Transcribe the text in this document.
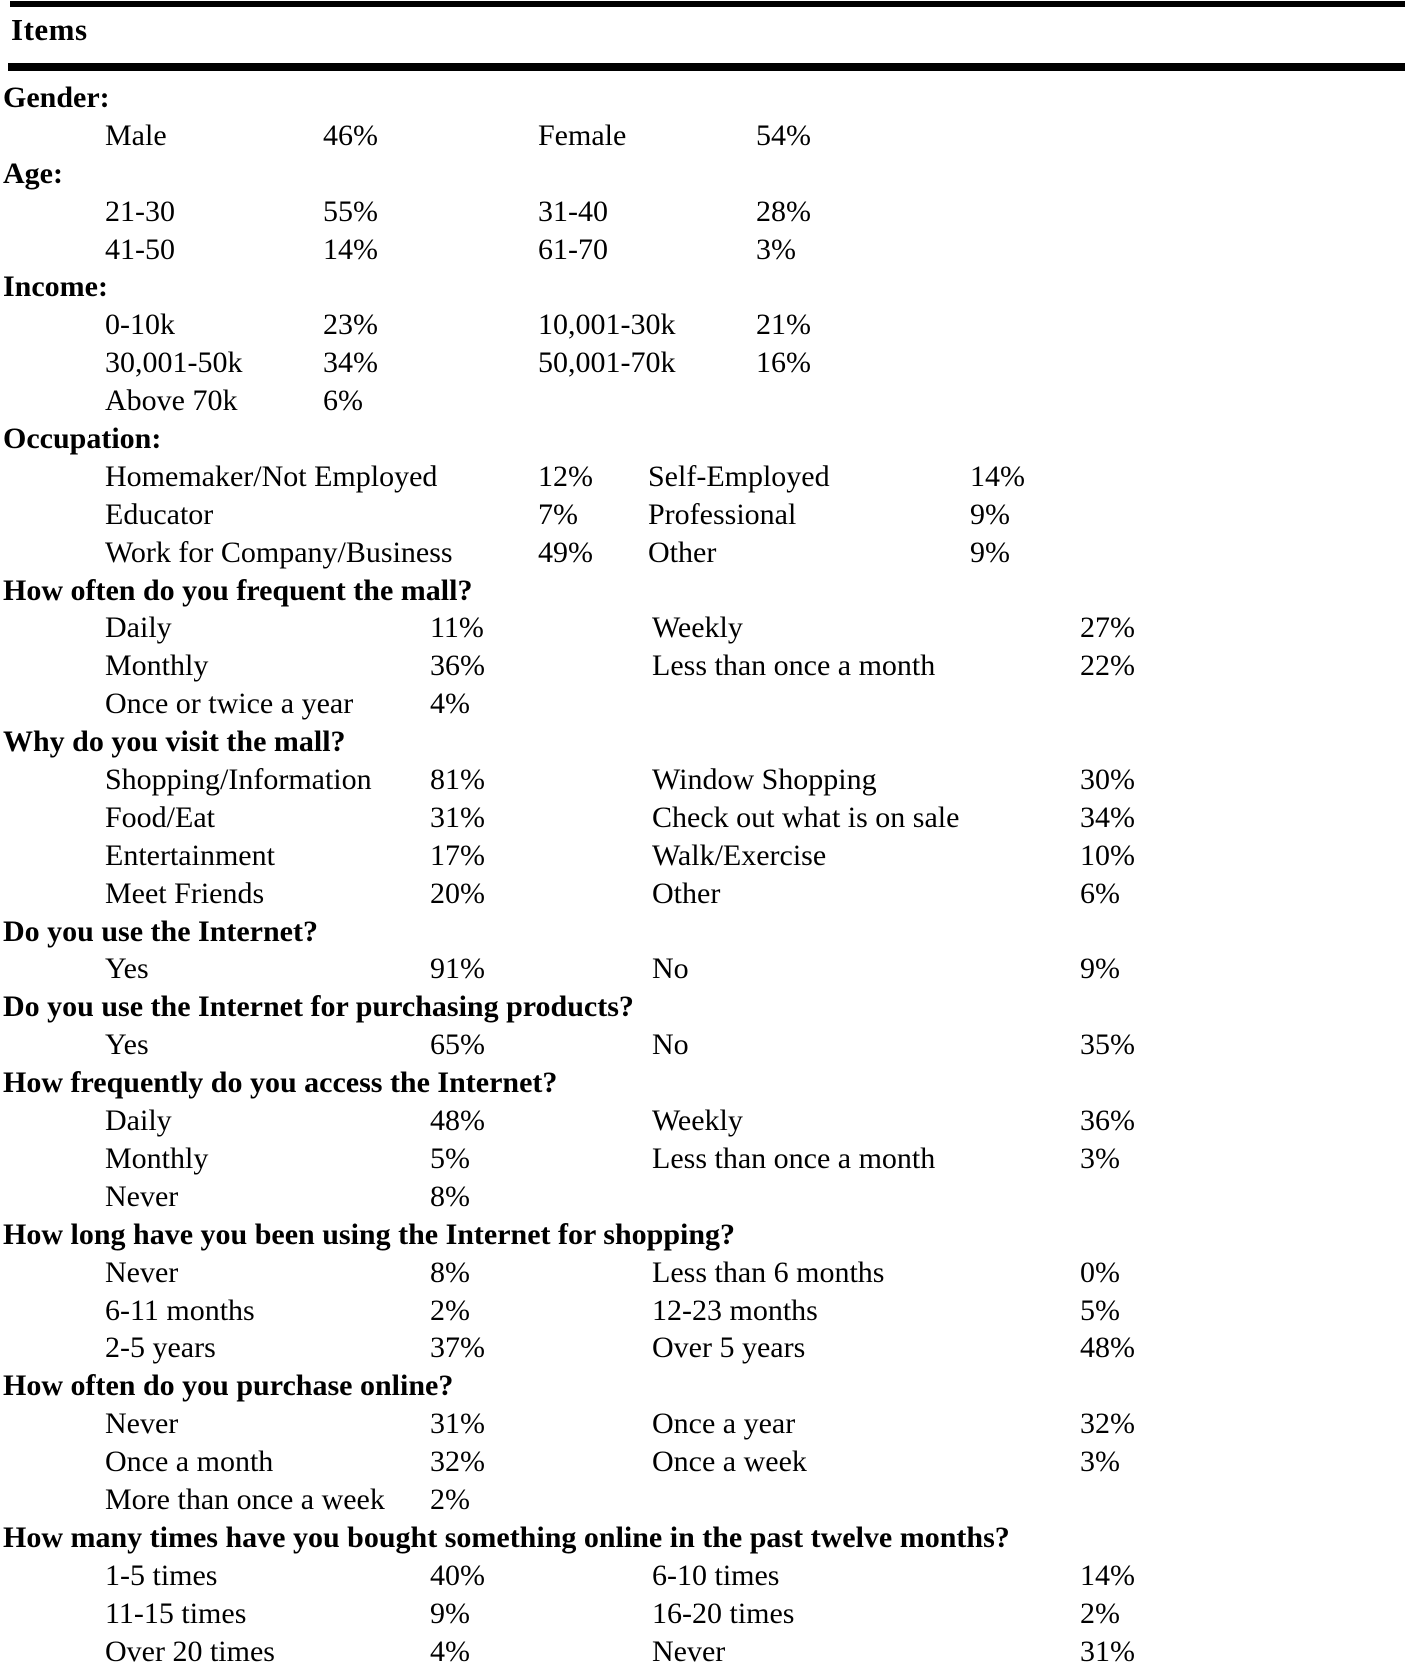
Items
Gender:
Male	46%	Female	54%
Age:
21-30	55%	31-40	28%
41-50	14%	61-70	3%
Income:
0-10k	23%	10,001-30k	21%
30,001-50k	34%	50,001-70k	16%
Above 70k	6%
Occupation:
Homemaker/Not Employed	12%	Self-Employed	14%
Educator	7%	Professional	9%
Work for Company/Business	49%	Other	9%
How often do you frequent the mall?
Daily	11%	Weekly	27%
Monthly	36%	Less than once a month	22%
Once or twice a year	4%
Why do you visit the mall?
Shopping/Information	81%	Window Shopping	30%
Food/Eat	31%	Check out what is on sale	34%
Entertainment	17%	Walk/Exercise	10%
Meet Friends	20%	Other	6%
Do you use the Internet?
Yes	91%	No	9%
Do you use the Internet for purchasing products?
Yes	65%	No	35%
How frequently do you access the Internet?
Daily	48%	Weekly	36%
Monthly	5%	Less than once a month	3%
Never	8%
How long have you been using the Internet for shopping?
Never	8%	Less than 6 months	0%
6-11 months	2%	12-23 months	5%
2-5 years	37%	Over 5 years	48%
How often do you purchase online?
Never	31%	Once a year	32%
Once a month	32%	Once a week	3%
More than once a week	2%
How many times have you bought something online in the past twelve months?
1-5 times	40%	6-10 times	14%
11-15 times	9%	16-20 times	2%
Over 20 times	4%	Never	31%
